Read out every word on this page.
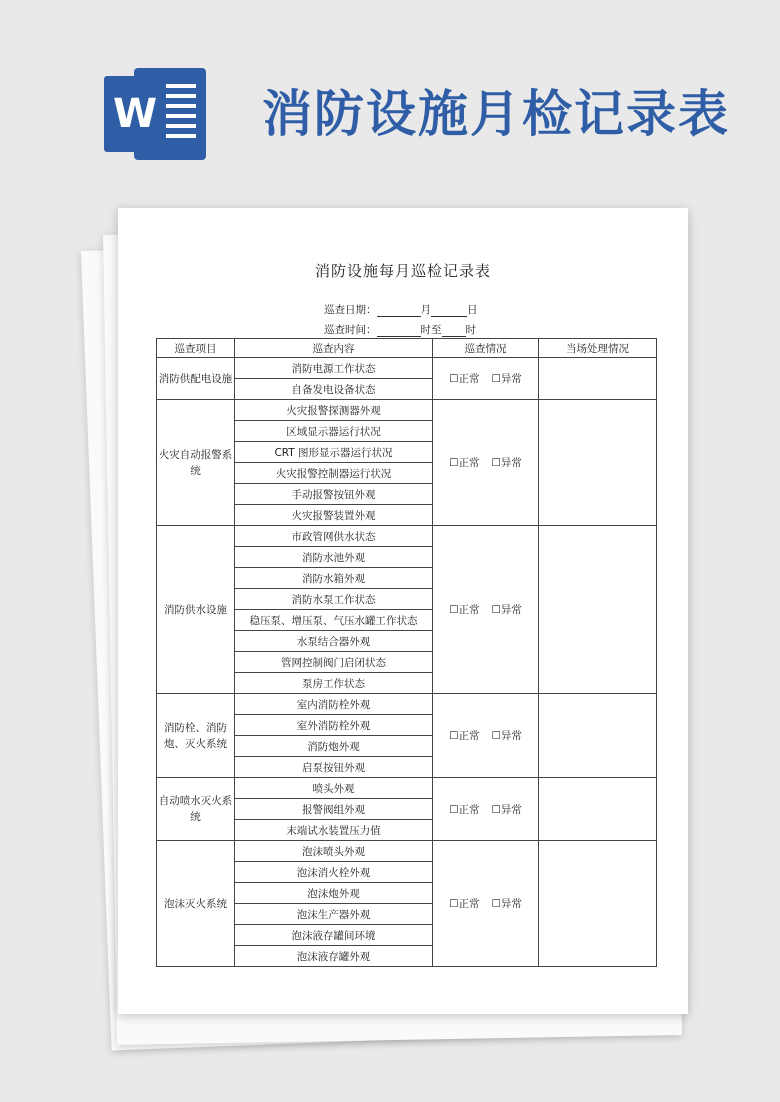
W 消防设施月检记录表
消防设施每月巡检记录表
巡查日期：	月	日
巡查时间：	时至 时
巡查项目	巡查内容	巡查情况	当场处理情况
消防供配电设施	消防电源工作状态	☐正常 ☐异常	
	自备发电设备状态		
火灾自动报警系统	火灾报警探测器外观	☐正常 ☐异常	
	区域显示器运行状况		
	CRT 图形显示器运行状况		
	火灾报警控制器运行状况		
	手动报警按钮外观		
	火灾报警装置外观		
消防供水设施	市政管网供水状态	☐正常 ☐异常	
	消防水池外观		
	消防水箱外观		
	消防水泵工作状态		
	稳压泵、增压泵、气压水罐工作状态		
	水泵结合器外观		
	管网控制阀门启闭状态		
	泵房工作状态		
消防栓、消防炮、灭火系统	室内消防栓外观	☐正常 ☐异常	
	室外消防栓外观		
	消防炮外观		
	启泵按钮外观		
自动喷水灭火系统	喷头外观	☐正常 ☐异常	
	报警阀组外观		
	末端试水装置压力值		
泡沫灭火系统	泡沫喷头外观	☐正常 ☐异常	
	泡沫消火栓外观		
	泡沫炮外观		
	泡沫生产器外观		
	泡沫液存罐间环境		
	泡沫液存罐外观		
